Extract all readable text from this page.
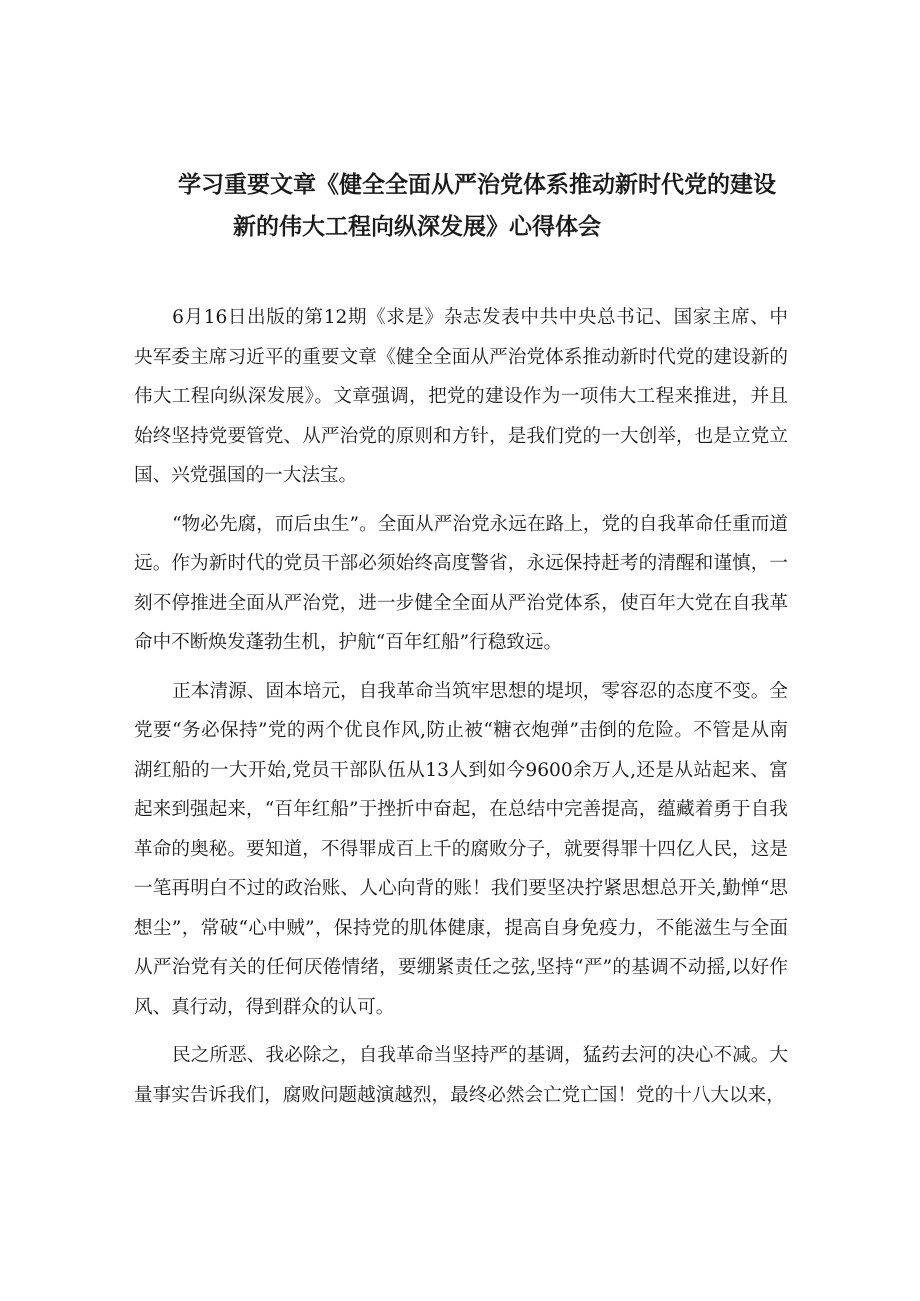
学习重要文章《健全全面从严治党体系推动新时代党的建设
新的伟大工程向纵深发展》心得体会

6月16日出版的第12期《求是》杂志发表中共中央总书记、国家主席、中央军委主席习近平的重要文章《健全全面从严治党体系推动新时代党的建设新的伟大工程向纵深发展》。文章强调，把党的建设作为一项伟大工程来推进，并且始终坚持党要管党、从严治党的原则和方针，是我们党的一大创举，也是立党立国、兴党强国的一大法宝。

“物必先腐，而后虫生”。全面从严治党永远在路上，党的自我革命任重而道远。作为新时代的党员干部必须始终高度警省，永远保持赶考的清醒和谨慎，一刻不停推进全面从严治党，进一步健全全面从严治党体系，使百年大党在自我革命中不断焕发蓬勃生机，护航“百年红船”行稳致远。

正本清源、固本培元，自我革命当筑牢思想的堤坝，零容忍的态度不变。全党要“务必保持”党的两个优良作风,防止被“糖衣炮弹”击倒的危险。不管是从南湖红船的一大开始,党员干部队伍从13人到如今9600余万人,还是从站起来、富起来到强起来，“百年红船”于挫折中奋起，在总结中完善提高，蕴藏着勇于自我革命的奥秘。要知道，不得罪成百上千的腐败分子，就要得罪十四亿人民，这是一笔再明白不过的政治账、人心向背的账！我们要坚决拧紧思想总开关,勤惮“思想尘”，常破“心中贼”，保持党的肌体健康，提高自身免疫力，不能滋生与全面从严治党有关的任何厌倦情绪，要绷紧责任之弦,坚持“严”的基调不动摇,以好作风、真行动，得到群众的认可。

民之所恶、我必除之，自我革命当坚持严的基调，猛药去河的决心不减。大量事实告诉我们，腐败问题越演越烈，最终必然会亡党亡国！党的十八大以来，
